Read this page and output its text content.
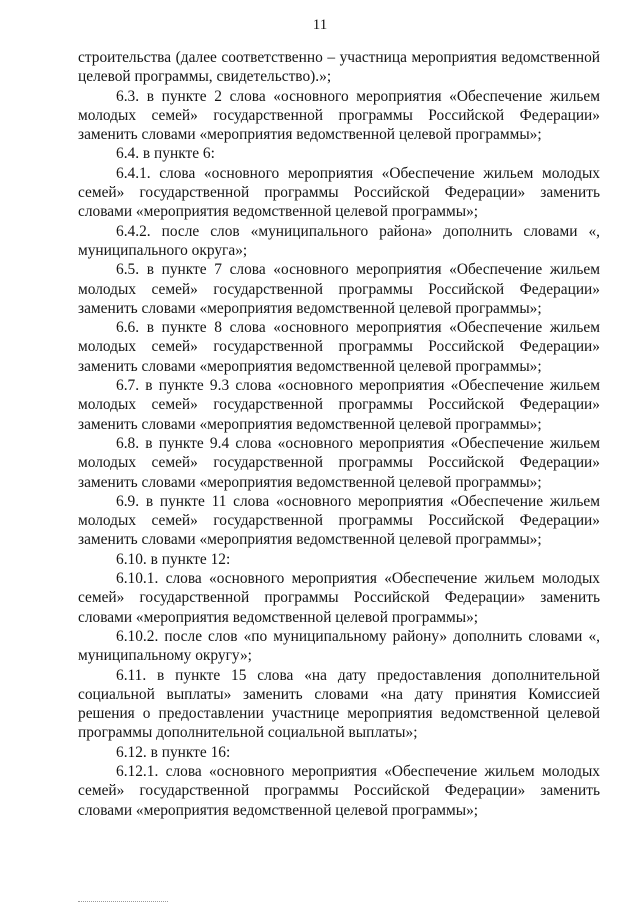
11

строительства (далее соответственно – участница мероприятия ведомственной целевой программы, свидетельство).»;

6.3. в пункте 2 слова «основного мероприятия «Обеспечение жильем молодых семей» государственной программы Российской Федерации» заменить словами «мероприятия ведомственной целевой программы»;

6.4. в пункте 6:

6.4.1. слова «основного мероприятия «Обеспечение жильем молодых семей» государственной программы Российской Федерации» заменить словами «мероприятия ведомственной целевой программы»;

6.4.2. после слов «муниципального района» дополнить словами «, муниципального округа»;

6.5. в пункте 7 слова «основного мероприятия «Обеспечение жильем молодых семей» государственной программы Российской Федерации» заменить словами «мероприятия ведомственной целевой программы»;

6.6. в пункте 8 слова «основного мероприятия «Обеспечение жильем молодых семей» государственной программы Российской Федерации» заменить словами «мероприятия ведомственной целевой программы»;

6.7. в пункте 9.3 слова «основного мероприятия «Обеспечение жильем молодых семей» государственной программы Российской Федерации» заменить словами «мероприятия ведомственной целевой программы»;

6.8. в пункте 9.4 слова «основного мероприятия «Обеспечение жильем молодых семей» государственной программы Российской Федерации» заменить словами «мероприятия ведомственной целевой программы»;

6.9. в пункте 11 слова «основного мероприятия «Обеспечение жильем молодых семей» государственной программы Российской Федерации» заменить словами «мероприятия ведомственной целевой программы»;

6.10. в пункте 12:

6.10.1. слова «основного мероприятия «Обеспечение жильем молодых семей» государственной программы Российской Федерации» заменить словами «мероприятия ведомственной целевой программы»;

6.10.2. после слов «по муниципальному району» дополнить словами «, муниципальному округу»;

6.11. в пункте 15 слова «на дату предоставления дополнительной социальной выплаты» заменить словами «на дату принятия Комиссией решения о предоставлении участнице мероприятия ведомственной целевой программы дополнительной социальной выплаты»;

6.12. в пункте 16:

6.12.1. слова «основного мероприятия «Обеспечение жильем молодых семей» государственной программы Российской Федерации» заменить словами «мероприятия ведомственной целевой программы»;
